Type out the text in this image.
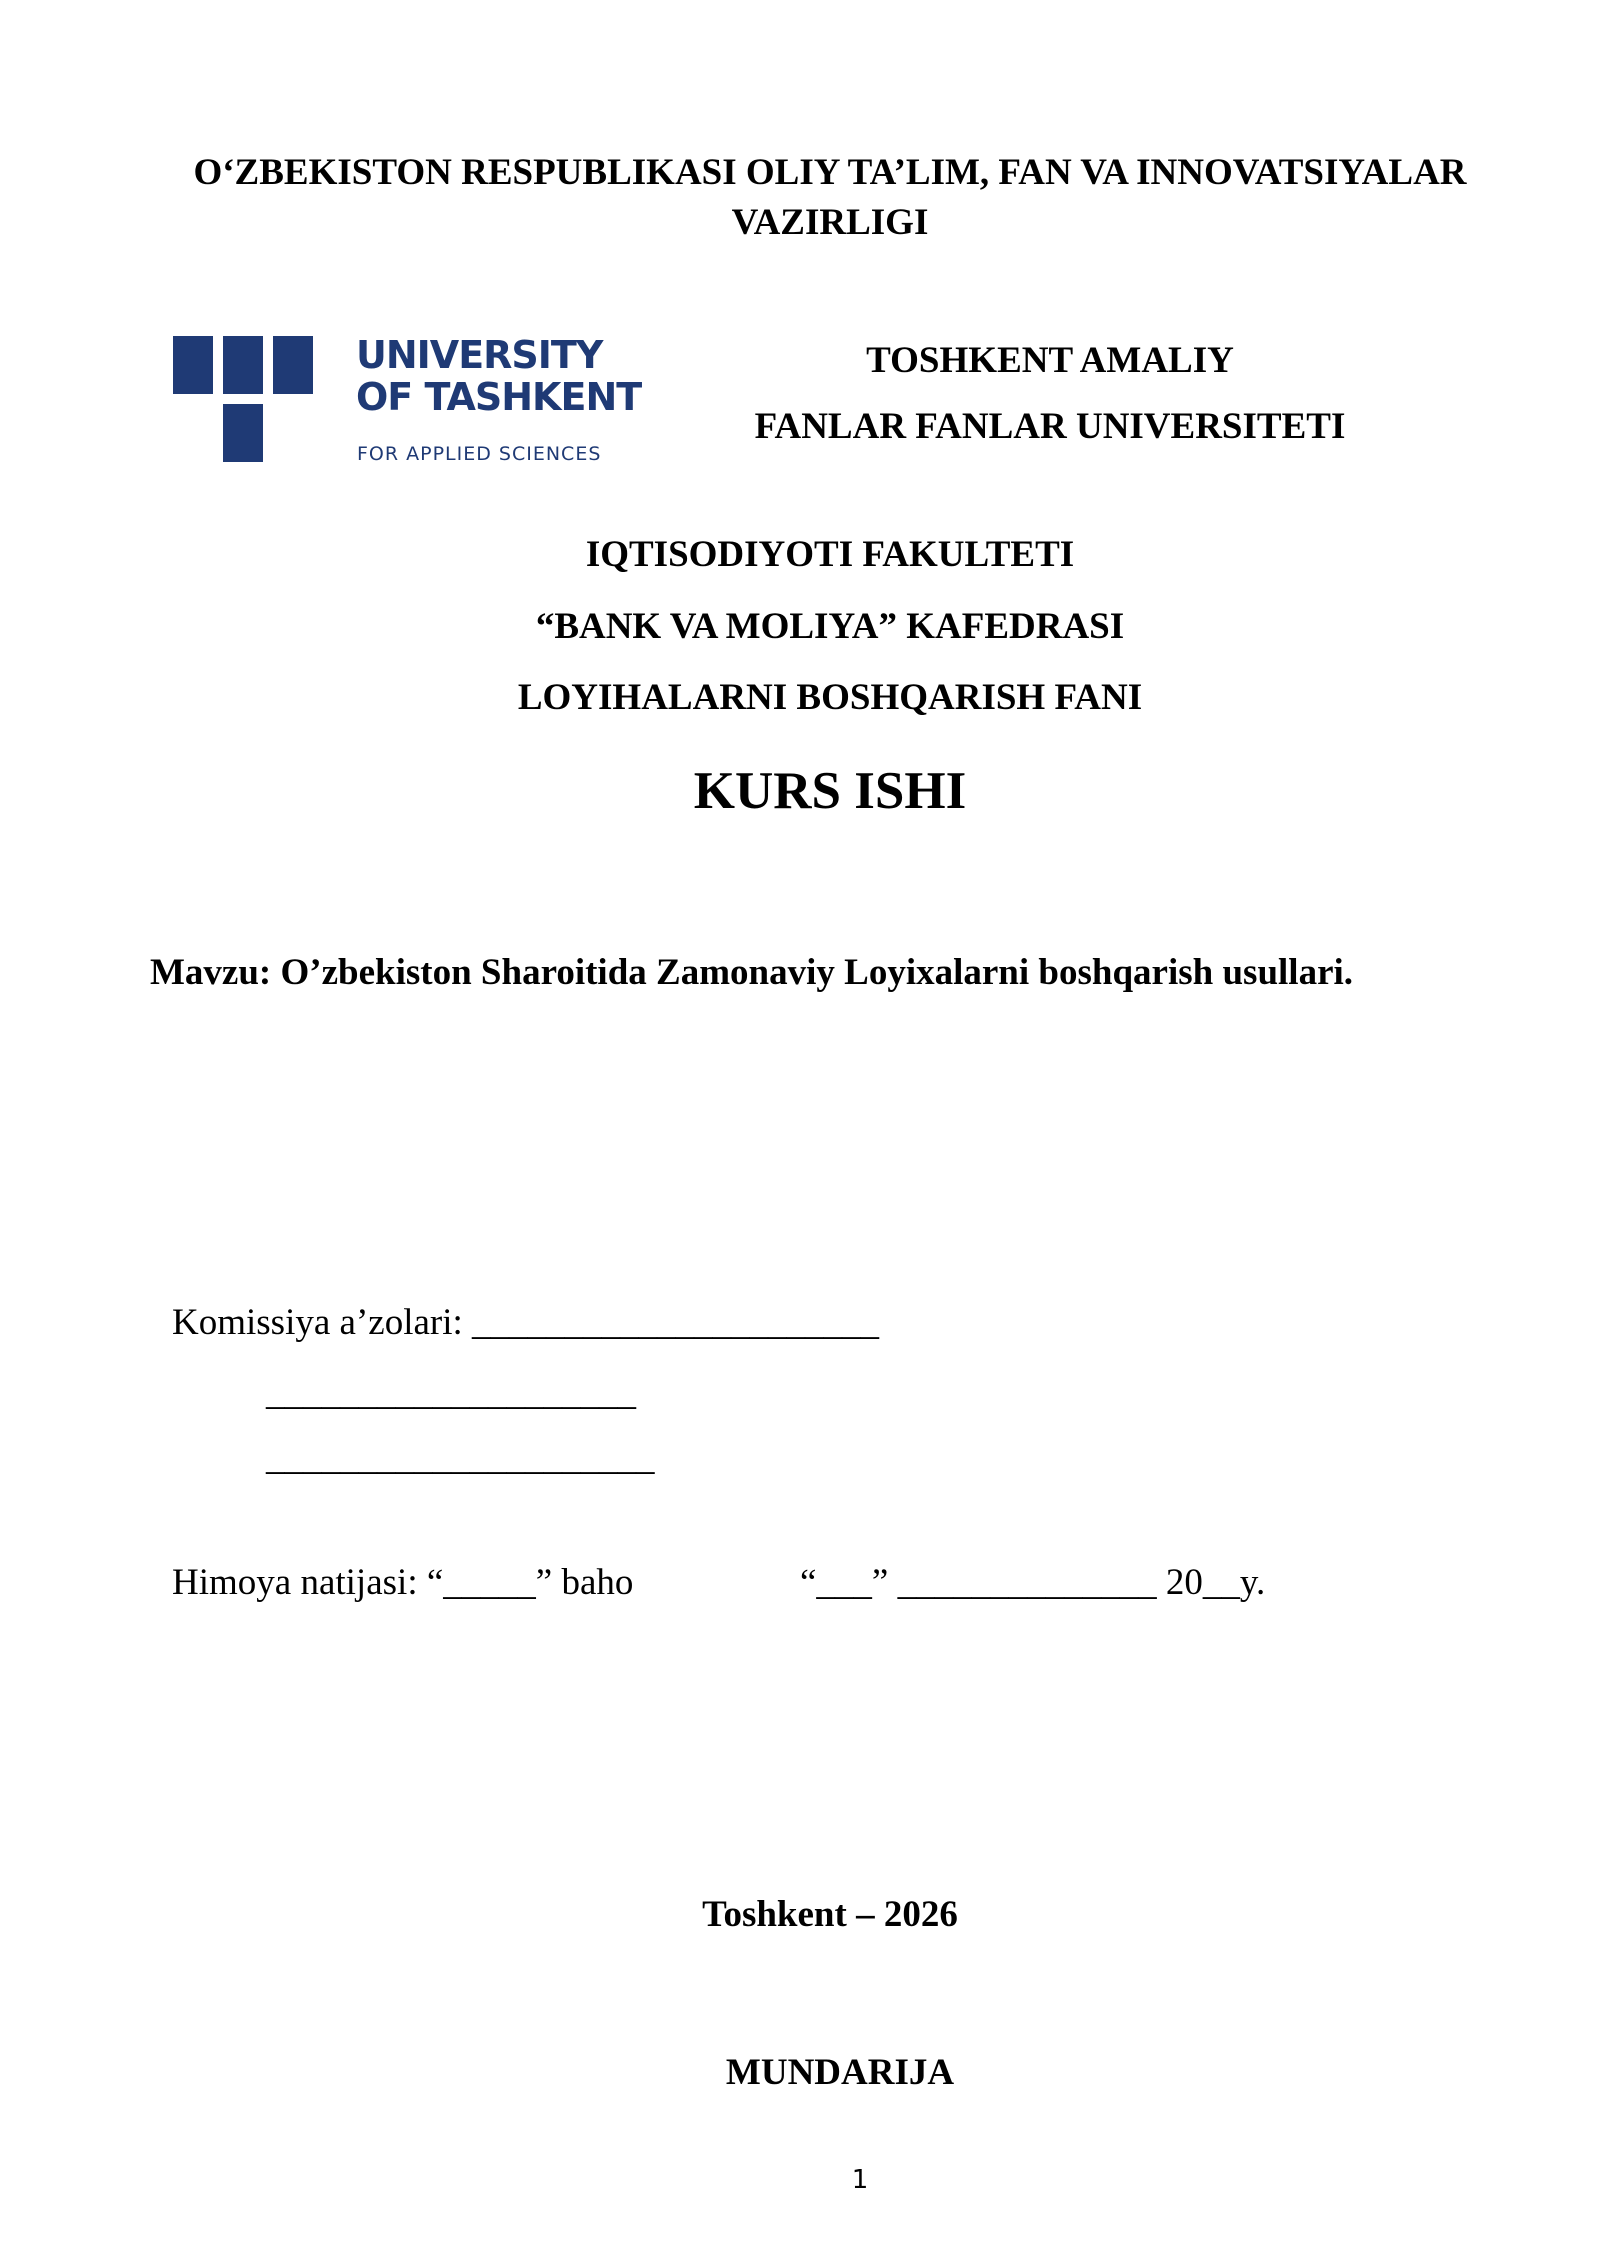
O‘ZBEKISTON RESPUBLIKASI OLIY TA’LIM, FAN VA INNOVATSIYALAR
VAZIRLIGI
UNIVERSITY
OF TASHKENT
FOR APPLIED SCIENCES
TOSHKENT AMALIY
FANLAR FANLAR UNIVERSITETI
IQTISODIYOTI FAKULTETI
“BANK VA MOLIYA” KAFEDRASI
LOYIHALARNI BOSHQARISH FANI
KURS ISHI
Mavzu: O’zbekiston Sharoitida Zamonaviy Loyixalarni boshqarish usullari.
Komissiya a’zolari: ______________________
____________________
_____________________
Himoya natijasi: “_____” baho	“___” ______________ 20__y.
Toshkent – 2026
MUNDARIJA
1
